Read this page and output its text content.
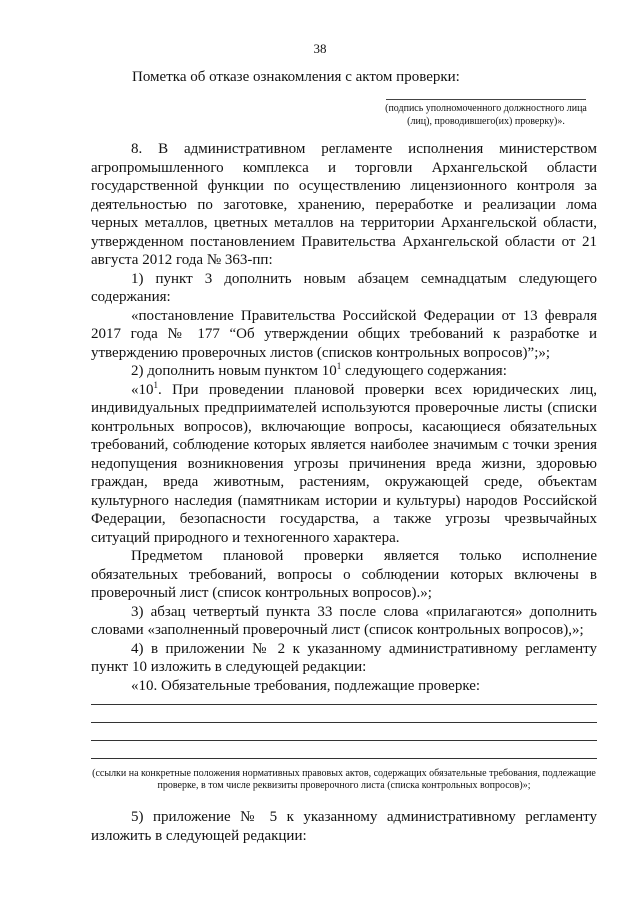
38
Пометка об отказе ознакомления с актом проверки:
(подпись уполномоченного должностного лица (лиц), проводившего(их) проверку)».

8. В административном регламенте исполнения министерством агропромышленного комплекса и торговли Архангельской области государственной функции по осуществлению лицензионного контроля за деятельностью по заготовке, хранению, переработке и реализации лома черных металлов, цветных металлов на территории Архангельской области, утвержденном постановлением Правительства Архангельской области от 21 августа 2012 года № 363-пп:

1) пункт 3 дополнить новым абзацем семнадцатым следующего содержания:

«постановление Правительства Российской Федерации от 13 февраля 2017 года № 177 “Об утверждении общих требований к разработке и утверждению проверочных листов (списков контрольных вопросов)”;»;

2) дополнить новым пунктом $10^1$ следующего содержания:

«$10^1$. При проведении плановой проверки всех юридических лиц, индивидуальных предприимателей используются проверочные листы (списки контрольных вопросов), включающие вопросы, касающиеся обязательных требований, соблюдение которых является наиболее значимым с точки зрения недопущения возникновения угрозы причинения вреда жизни, здоровью граждан, вреда животным, растениям, окружающей среде, объектам культурного наследия (памятникам истории и культуры) народов Российской Федерации, безопасности государства, а также угрозы чрезвычайных ситуаций природного и техногенного характера.

Предметом плановой проверки является только исполнение обязательных требований, вопросы о соблюдении которых включены в проверочный лист (список контрольных вопросов).»;

3) абзац четвертый пункта 33 после слова «прилагаются» дополнить словами «заполненный проверочный лист (список контрольных вопросов),»;

4) в приложении № 2 к указанному административному регламенту пункт 10 изложить в следующей редакции:

«10. Обязательные требования, подлежащие проверке:

(ссылки на конкретные положения нормативных правовых актов, содержащих обязательные требования, подлежащие проверке, в том числе реквизиты проверочного листа (списка контрольных вопросов)»;

5) приложение № 5 к указанному административному регламенту изложить в следующей редакции:
